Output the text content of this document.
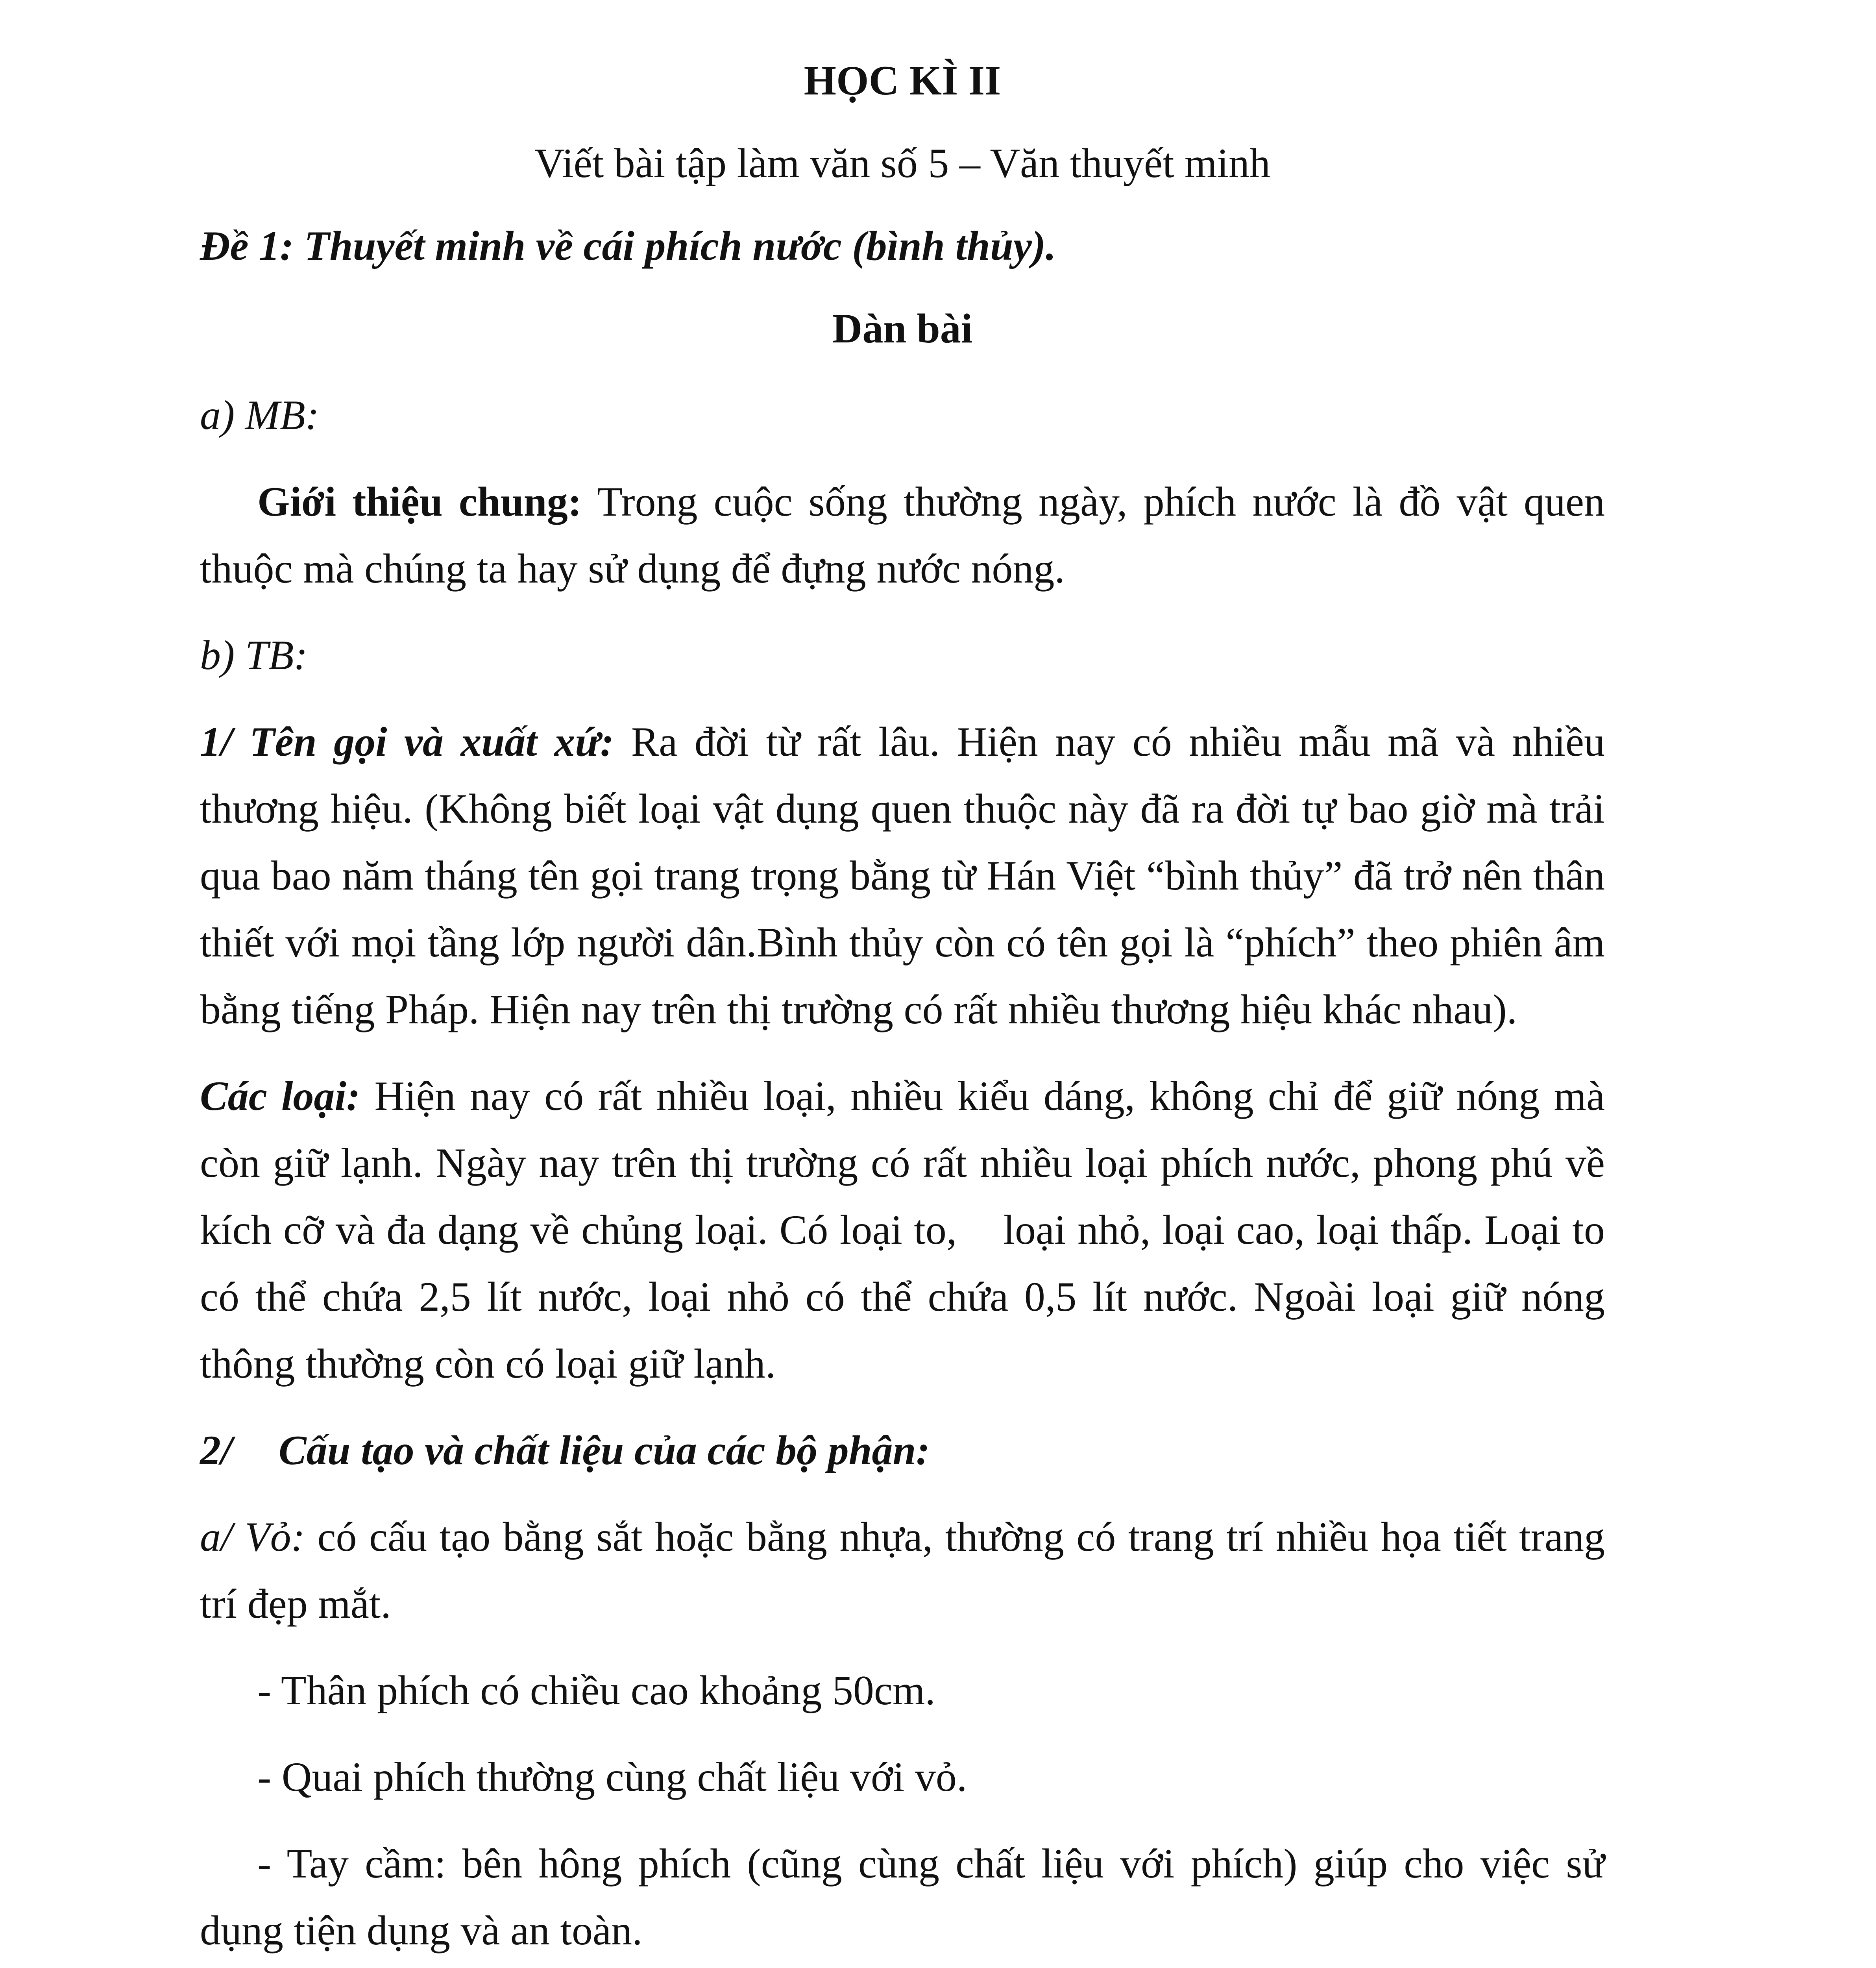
HỌC KÌ II
Viết bài tập làm văn số 5 – Văn thuyết minh
Đề 1: Thuyết minh về cái phích nước (bình thủy).
Dàn bài
a) MB:
Giới thiệu chung: Trong cuộc sống thường ngày, phích nước là đồ vật quen thuộc mà chúng ta hay sử dụng để đựng nước nóng.
b) TB:
1/ Tên gọi và xuất xứ: Ra đời từ rất lâu. Hiện nay có nhiều mẫu mã và nhiều thương hiệu. (Không biết loại vật dụng quen thuộc này đã ra đời tự bao giờ mà trải qua bao năm tháng tên gọi trang trọng bằng từ Hán Việt “bình thủy” đã trở nên thân thiết với mọi tầng lớp người dân.Bình thủy còn có tên gọi là “phích” theo phiên âm bằng tiếng Pháp. Hiện nay trên thị trường có rất nhiều thương hiệu khác nhau).
Các loại: Hiện nay có rất nhiều loại, nhiều kiểu dáng, không chỉ để giữ nóng mà còn giữ lạnh. Ngày nay trên thị trường có rất nhiều loại phích nước, phong phú về kích cỡ và đa dạng về chủng loại. Có loại to,    loại nhỏ, loại cao, loại thấp. Loại to có thể chứa 2,5 lít nước, loại nhỏ có thể chứa 0,5 lít nước. Ngoài loại giữ nóng thông thường còn có loại giữ lạnh.
2/ Cấu tạo và chất liệu của các bộ phận:
a/ Vỏ: có cấu tạo bằng sắt hoặc bằng nhựa, thường có trang trí nhiều họa tiết trang trí đẹp mắt.
- Thân phích có chiều cao khoảng 50cm.
- Quai phích thường cùng chất liệu với vỏ.
- Tay cầm: bên hông phích (cũng cùng chất liệu với phích) giúp cho việc sử dụng tiện dụng và an toàn.
